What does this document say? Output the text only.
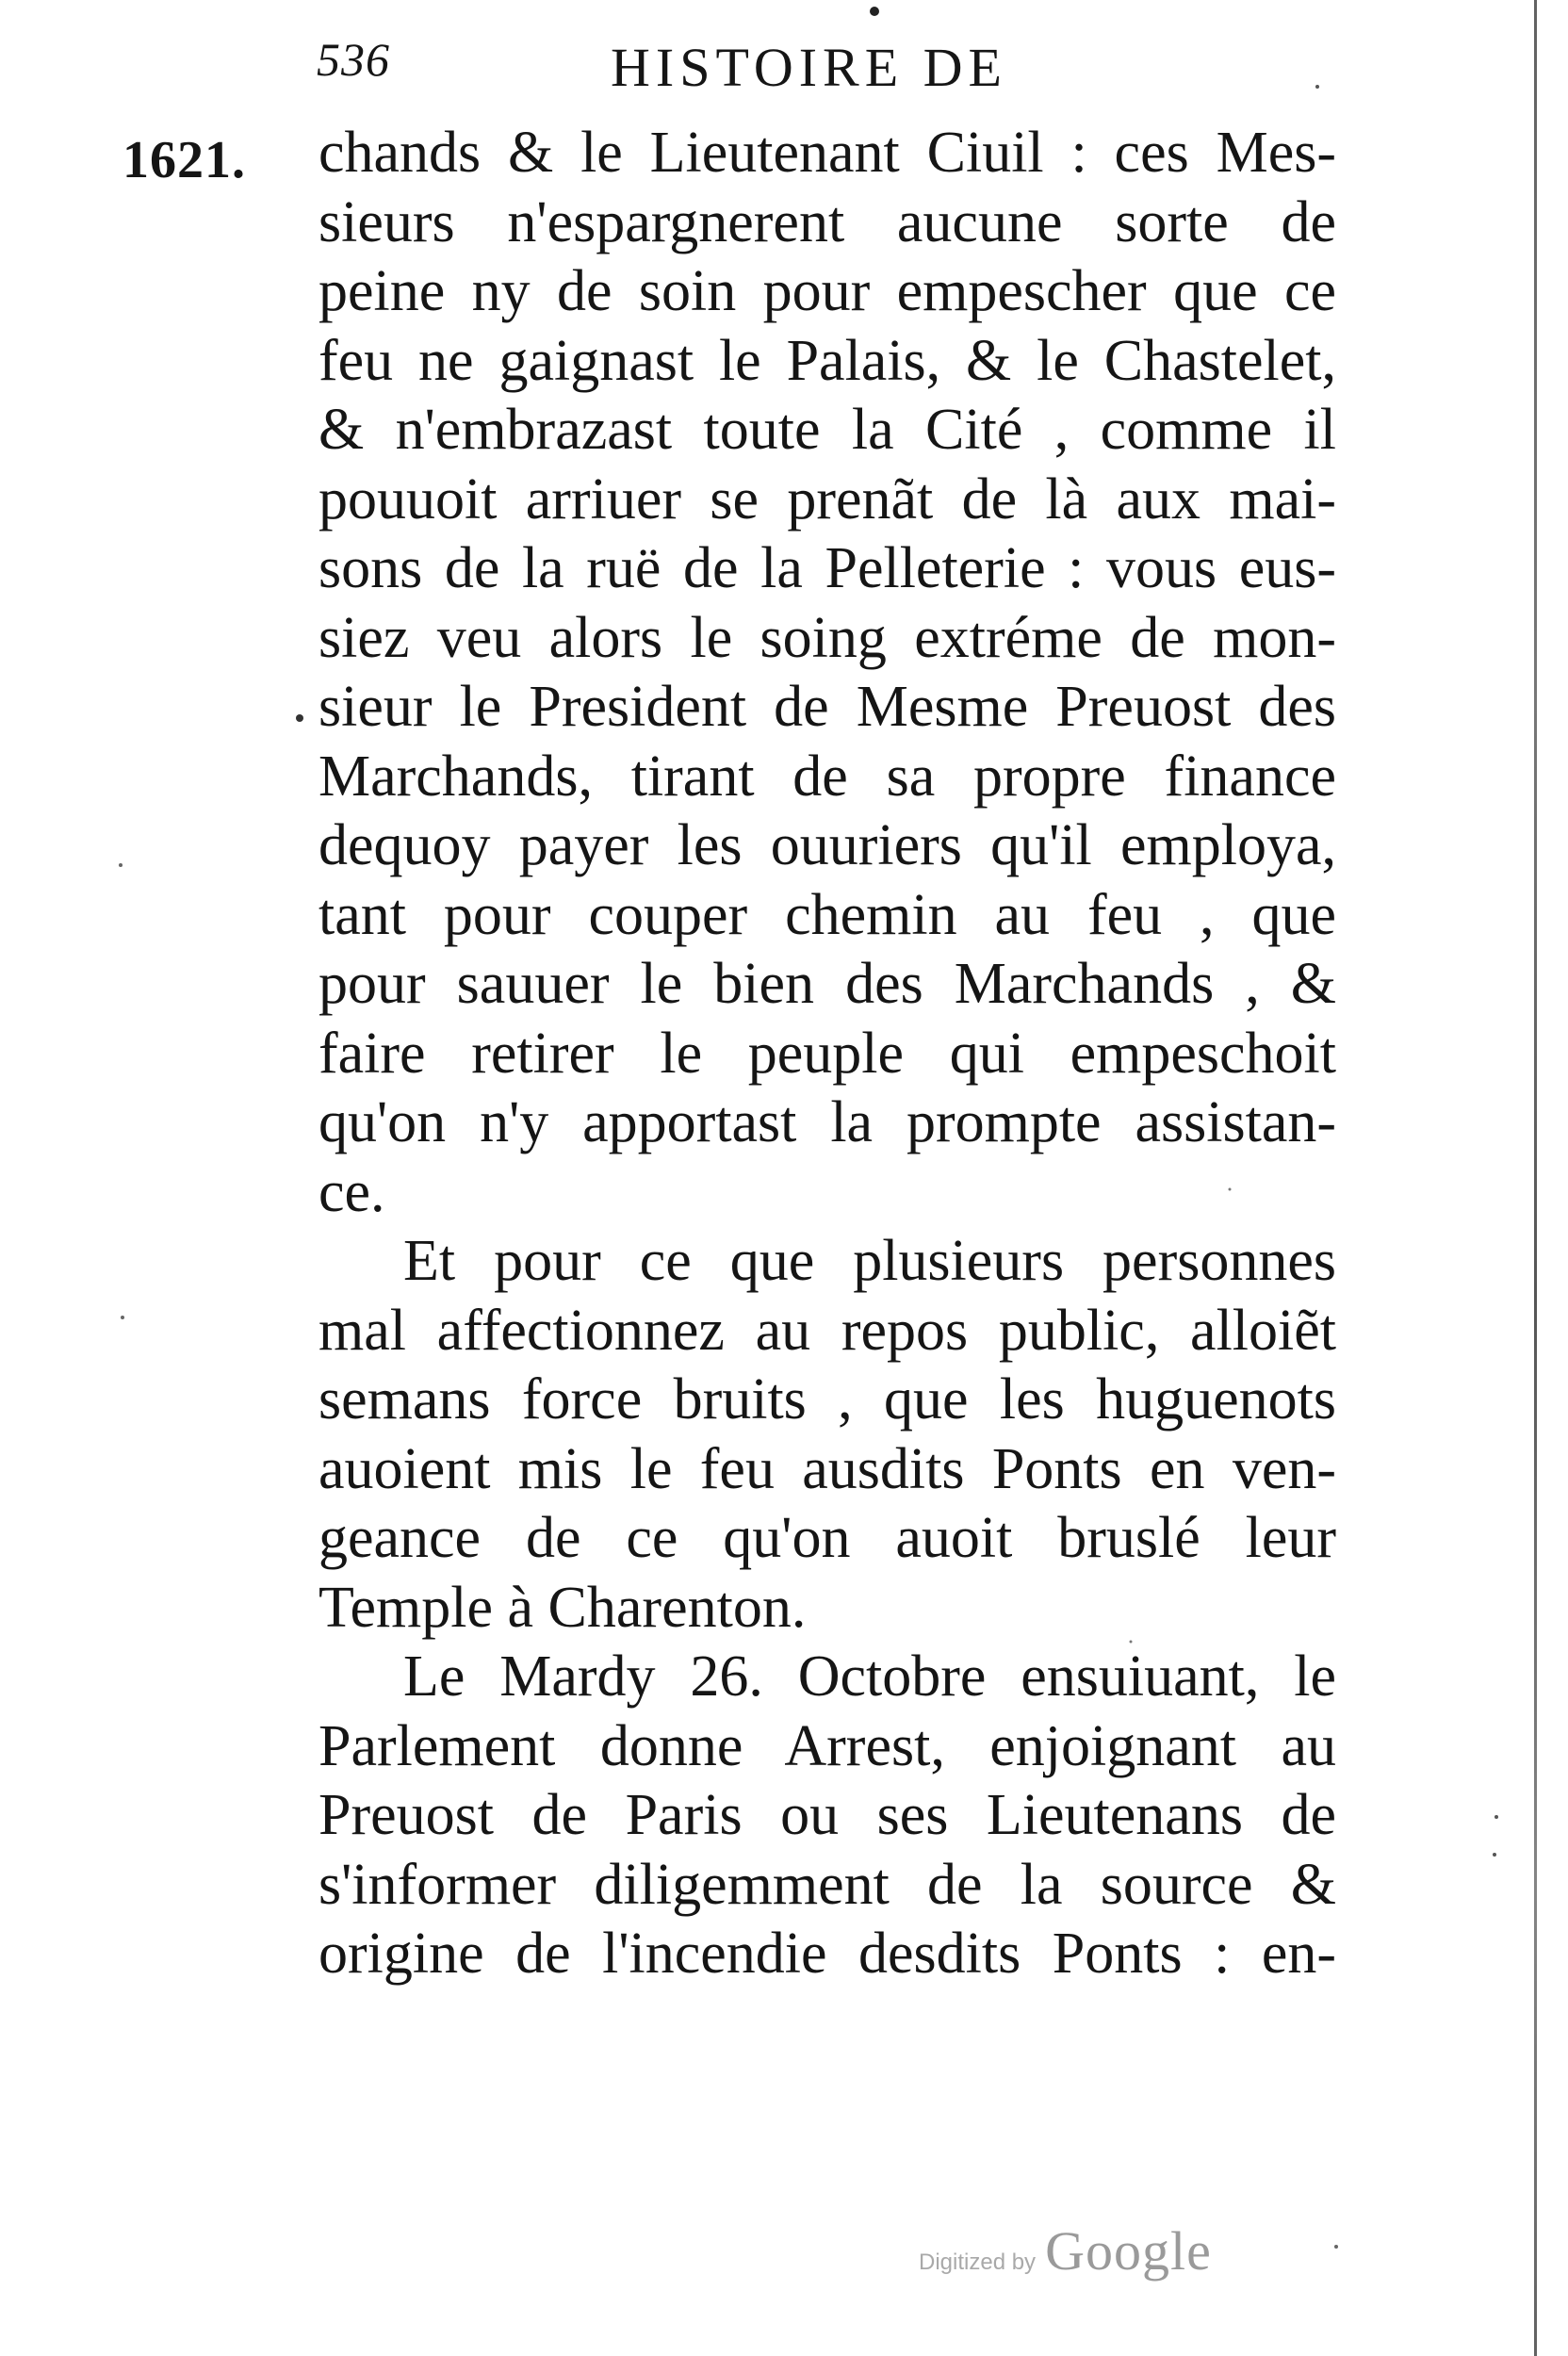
536	HISTOIRE DE
1621. chands & le Lieutenant Ciuil : ces Mes-
sieurs n'espargnerent aucune sorte de
peine ny de soin pour empescher que ce
feu ne gaignast le Palais, & le Chastelet,
& n'embrazast toute la Cité , comme il
pouuoit arriuer se prenãt de là aux mai-
sons de la ruë de la Pelleterie : vous eus-
siez veu alors le soing extréme de mon-
sieur le President de Mesme Preuost des
Marchands, tirant de sa propre finance
dequoy payer les ouuriers qu'il employa,
tant pour couper chemin au feu , que
pour sauuer le bien des Marchands , &
faire retirer le peuple qui empeschoit
qu'on n'y apportast la prompte assistan-
ce.
Et pour ce que plusieurs personnes
mal affectionnez au repos public, alloiẽt
semans force bruits , que les huguenots
auoient mis le feu ausdits Ponts en ven-
geance de ce qu'on auoit bruslé leur
Temple à Charenton.
Le Mardy 26. Octobre ensuiuant, le
Parlement donne Arrest, enjoignant au
Preuost de Paris ou ses Lieutenans de
s'informer diligemment de la source &
origine de l'incendie desdits Ponts : en-
Digitized by Google
